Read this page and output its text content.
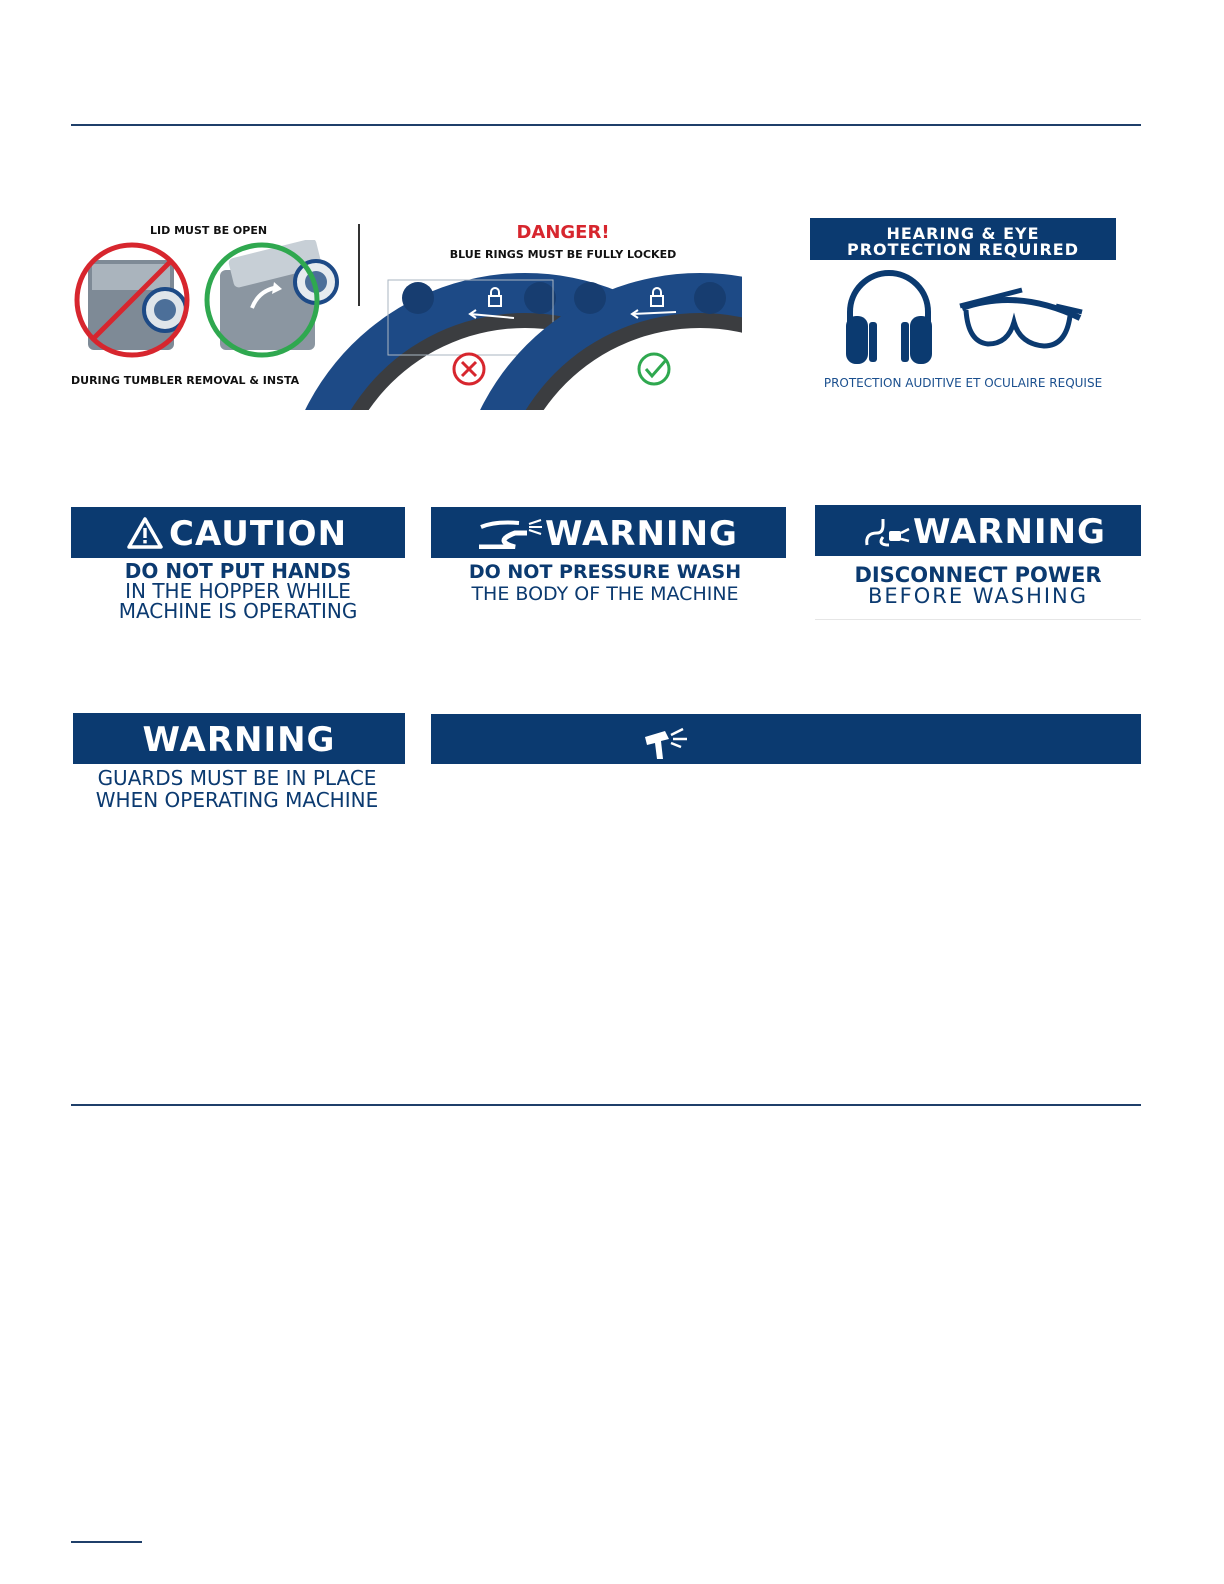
LID MUST BE OPEN
DURING TUMBLER REMOVAL & INSTA
DANGER!
BLUE RINGS MUST BE FULLY LOCKED
HEARING & EYE
PROTECTION REQUIRED
PROTECTION AUDITIVE ET OCULAIRE REQUISE
CAUTION
DO NOT PUT HANDS
IN THE HOPPER WHILE
MACHINE IS OPERATING
WARNING
DO NOT PRESSURE WASH
THE BODY OF THE MACHINE
WARNING
DISCONNECT POWER
BEFORE WASHING
WARNING
GUARDS MUST BE IN PLACE
WHEN OPERATING MACHINE
